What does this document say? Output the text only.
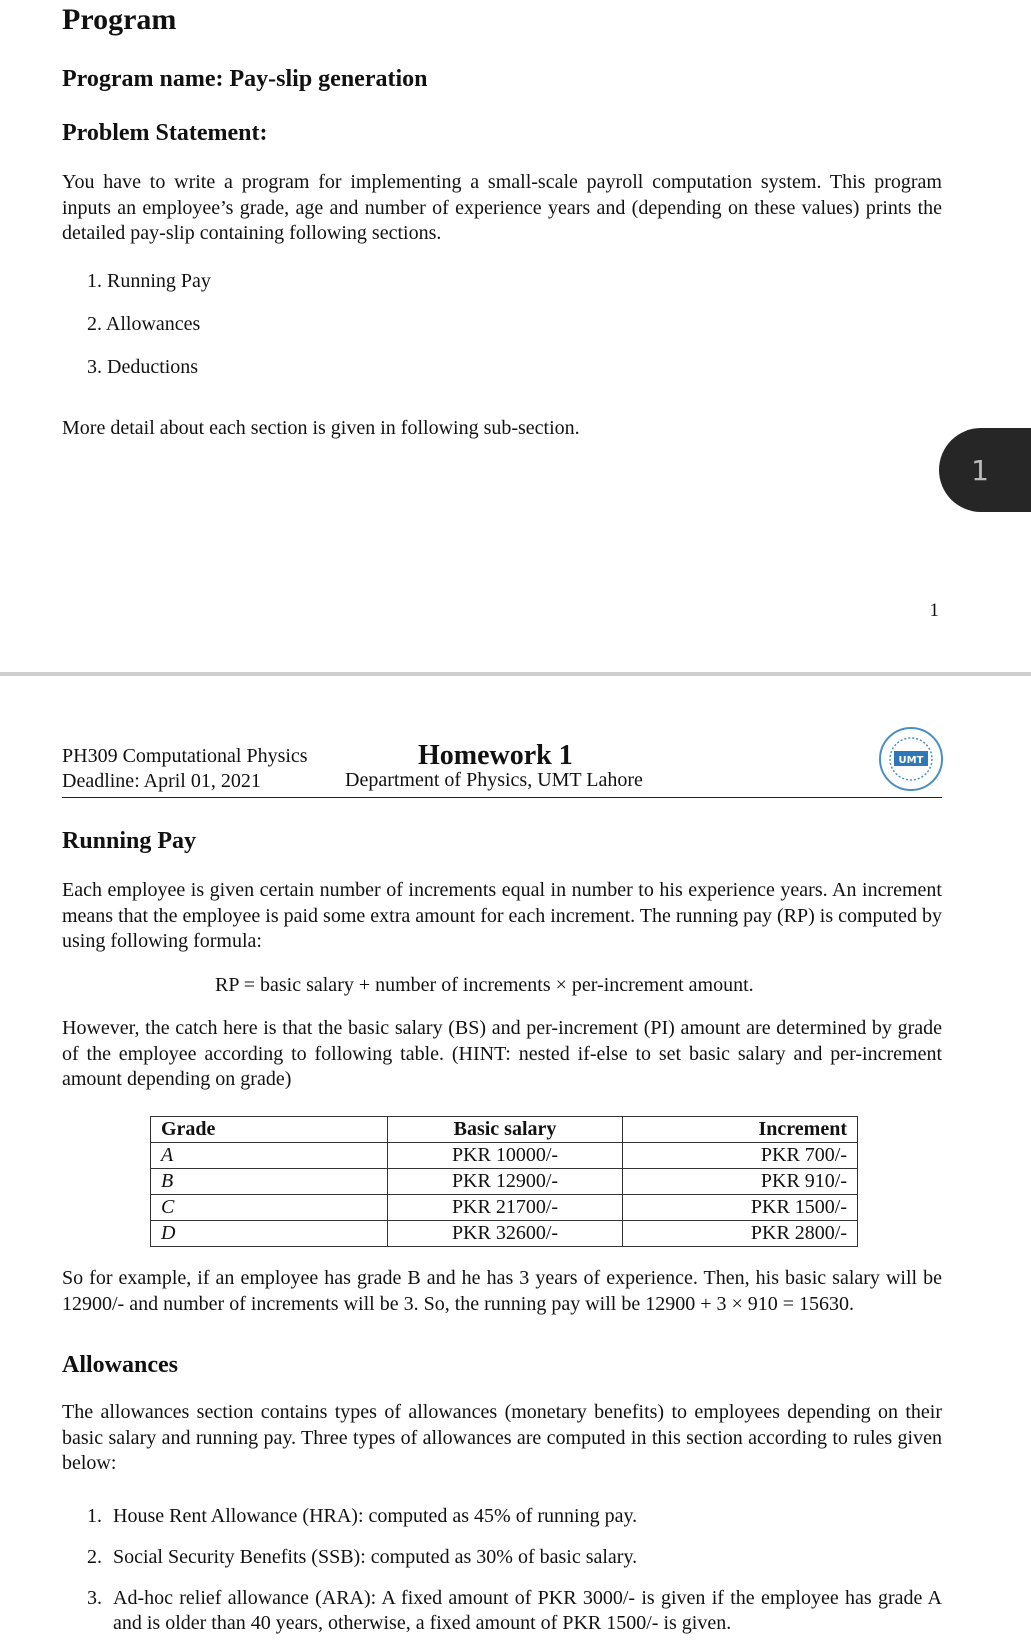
Program
Program name: Pay-slip generation
Problem Statement:
You have to write a program for implementing a small-scale payroll computation system. This program inputs an employee’s grade, age and number of experience years and (depending on these values) prints the detailed pay-slip containing following sections.
1. Running Pay
2. Allowances
3. Deductions
More detail about each section is given in following sub-section.
1
1
PH309 Computational Physics
Deadline: April 01, 2021
Homework 1
Department of Physics, UMT Lahore
UMT
Running Pay
Each employee is given certain number of increments equal in number to his experience years. An increment means that the employee is paid some extra amount for each increment. The running pay (RP) is computed by using following formula:
RP = basic salary + number of increments × per-increment amount.
However, the catch here is that the basic salary (BS) and per-increment (PI) amount are determined by grade of the employee according to following table. (HINT: nested if-else to set basic salary and per-increment amount depending on grade)
Grade	Basic salary	Increment
A	PKR 10000/-	PKR 700/-
B	PKR 12900/-	PKR 910/-
C	PKR 21700/-	PKR 1500/-
D	PKR 32600/-	PKR 2800/-
So for example, if an employee has grade B and he has 3 years of experience. Then, his basic salary will be 12900/- and number of increments will be 3. So, the running pay will be 12900 + 3 × 910 = 15630.
Allowances
The allowances section contains types of allowances (monetary benefits) to employees depending on their basic salary and running pay. Three types of allowances are computed in this section according to rules given below:
1. House Rent Allowance (HRA): computed as 45% of running pay.
2. Social Security Benefits (SSB): computed as 30% of basic salary.
3. Ad-hoc relief allowance (ARA): A fixed amount of PKR 3000/- is given if the employee has grade A and is older than 40 years, otherwise, a fixed amount of PKR 1500/- is given.
